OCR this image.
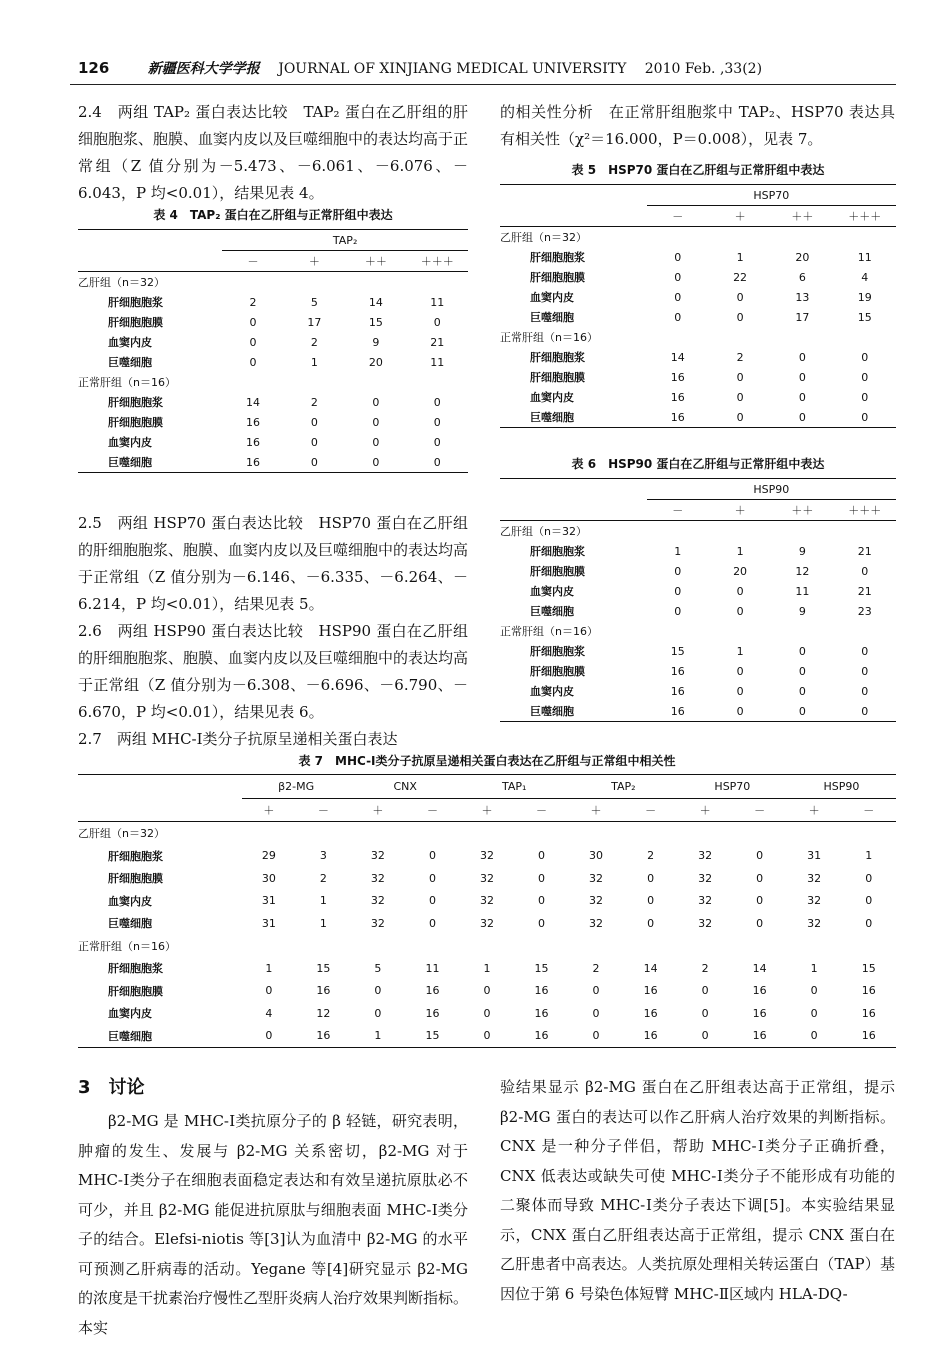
126	新疆医科大学学报 JOURNAL OF XINJIANG MEDICAL UNIVERSITY 2010 Feb. ,33(2)

2.4　两组 TAP₂ 蛋白表达比较　TAP₂ 蛋白在乙肝组的肝细胞胞浆、胞膜、血窦内皮以及巨噬细胞中的表达均高于正常组（Z 值分别为－5.473、－6.061、－6.076、－6.043，P 均<0.01），结果见表 4。

的相关性分析　在正常肝组胞浆中 TAP₂、HSP70 表达具有相关性（χ²＝16.000，P＝0.008），见表 7。

表 4　TAP₂ 蛋白在乙肝组与正常肝组中表达
	TAP₂			
	－	＋	＋＋	＋＋＋
乙肝组（n＝32）				
肝细胞胞浆	2	5	14	11
肝细胞胞膜	0	17	15	0
血窦内皮	0	2	9	21
巨噬细胞	0	1	20	11
正常肝组（n＝16）				
肝细胞胞浆	14	2	0	0
肝细胞胞膜	16	0	0	0
血窦内皮	16	0	0	0
巨噬细胞	16	0	0	0
表 5　HSP70 蛋白在乙肝组与正常肝组中表达
	HSP70			
	－	＋	＋＋	＋＋＋
乙肝组（n＝32）				
肝细胞胞浆	0	1	20	11
肝细胞胞膜	0	22	6	4
血窦内皮	0	0	13	19
巨噬细胞	0	0	17	15
正常肝组（n＝16）				
肝细胞胞浆	14	2	0	0
肝细胞胞膜	16	0	0	0
血窦内皮	16	0	0	0
巨噬细胞	16	0	0	0
表 6　HSP90 蛋白在乙肝组与正常肝组中表达
	HSP90			
	－	＋	＋＋	＋＋＋
乙肝组（n＝32）				
肝细胞胞浆	1	1	9	21
肝细胞胞膜	0	20	12	0
血窦内皮	0	0	11	21
巨噬细胞	0	0	9	23
正常肝组（n＝16）				
肝细胞胞浆	15	1	0	0
肝细胞胞膜	16	0	0	0
血窦内皮	16	0	0	0
巨噬细胞	16	0	0	0

2.5　两组 HSP70 蛋白表达比较　HSP70 蛋白在乙肝组的肝细胞胞浆、胞膜、血窦内皮以及巨噬细胞中的表达均高于正常组（Z 值分别为－6.146、－6.335、－6.264、－6.214，P 均<0.01），结果见表 5。

2.6　两组 HSP90 蛋白表达比较　HSP90 蛋白在乙肝组的肝细胞胞浆、胞膜、血窦内皮以及巨噬细胞中的表达均高于正常组（Z 值分别为－6.308、－6.696、－6.790、－6.670，P 均<0.01），结果见表 6。

2.7　两组 MHC-Ⅰ类分子抗原呈递相关蛋白表达

表 7　MHC-Ⅰ类分子抗原呈递相关蛋白表达在乙肝组与正常组中相关性
	β2-MG		CNX		TAP₁		TAP₂		HSP70		HSP90	
	＋	－	＋	－	＋	－	＋	－	＋	－	＋	－
乙肝组（n＝32）												
肝细胞胞浆	29	3	32	0	32	0	30	2	32	0	31	1
肝细胞胞膜	30	2	32	0	32	0	32	0	32	0	32	0
血窦内皮	31	1	32	0	32	0	32	0	32	0	32	0
巨噬细胞	31	1	32	0	32	0	32	0	32	0	32	0
正常肝组（n＝16）												
肝细胞胞浆	1	15	5	11	1	15	2	14	2	14	1	15
肝细胞胞膜	0	16	0	16	0	16	0	16	0	16	0	16
血窦内皮	4	12	0	16	0	16	0	16	0	16	0	16
巨噬细胞	0	16	1	15	0	16	0	16	0	16	0	16
3　讨论

β2-MG 是 MHC-Ⅰ类抗原分子的 β 轻链，研究表明，肿瘤的发生、发展与 β2-MG 关系密切，β2-MG 对于 MHC-Ⅰ类分子在细胞表面稳定表达和有效呈递抗原肽必不可少，并且 β2-MG 能促进抗原肽与细胞表面 MHC-Ⅰ类分子的结合。Elefsi-niotis 等[3]认为血清中 β2-MG 的水平可预测乙肝病毒的活动。Yegane 等[4]研究显示 β2-MG 的浓度是干扰素治疗慢性乙型肝炎病人治疗效果判断指标。本实

验结果显示 β2-MG 蛋白在乙肝组表达高于正常组，提示 β2-MG 蛋白的表达可以作乙肝病人治疗效果的判断指标。CNX 是一种分子伴侣，帮助 MHC-Ⅰ类分子正确折叠，CNX 低表达或缺失可使 MHC-Ⅰ类分子不能形成有功能的二聚体而导致 MHC-Ⅰ类分子表达下调[5]。本实验结果显示，CNX 蛋白乙肝组表达高于正常组，提示 CNX 蛋白在乙肝患者中高表达。人类抗原处理相关转运蛋白（TAP）基因位于第 6 号染色体短臂 MHC-Ⅱ区域内 HLA-DQ-
